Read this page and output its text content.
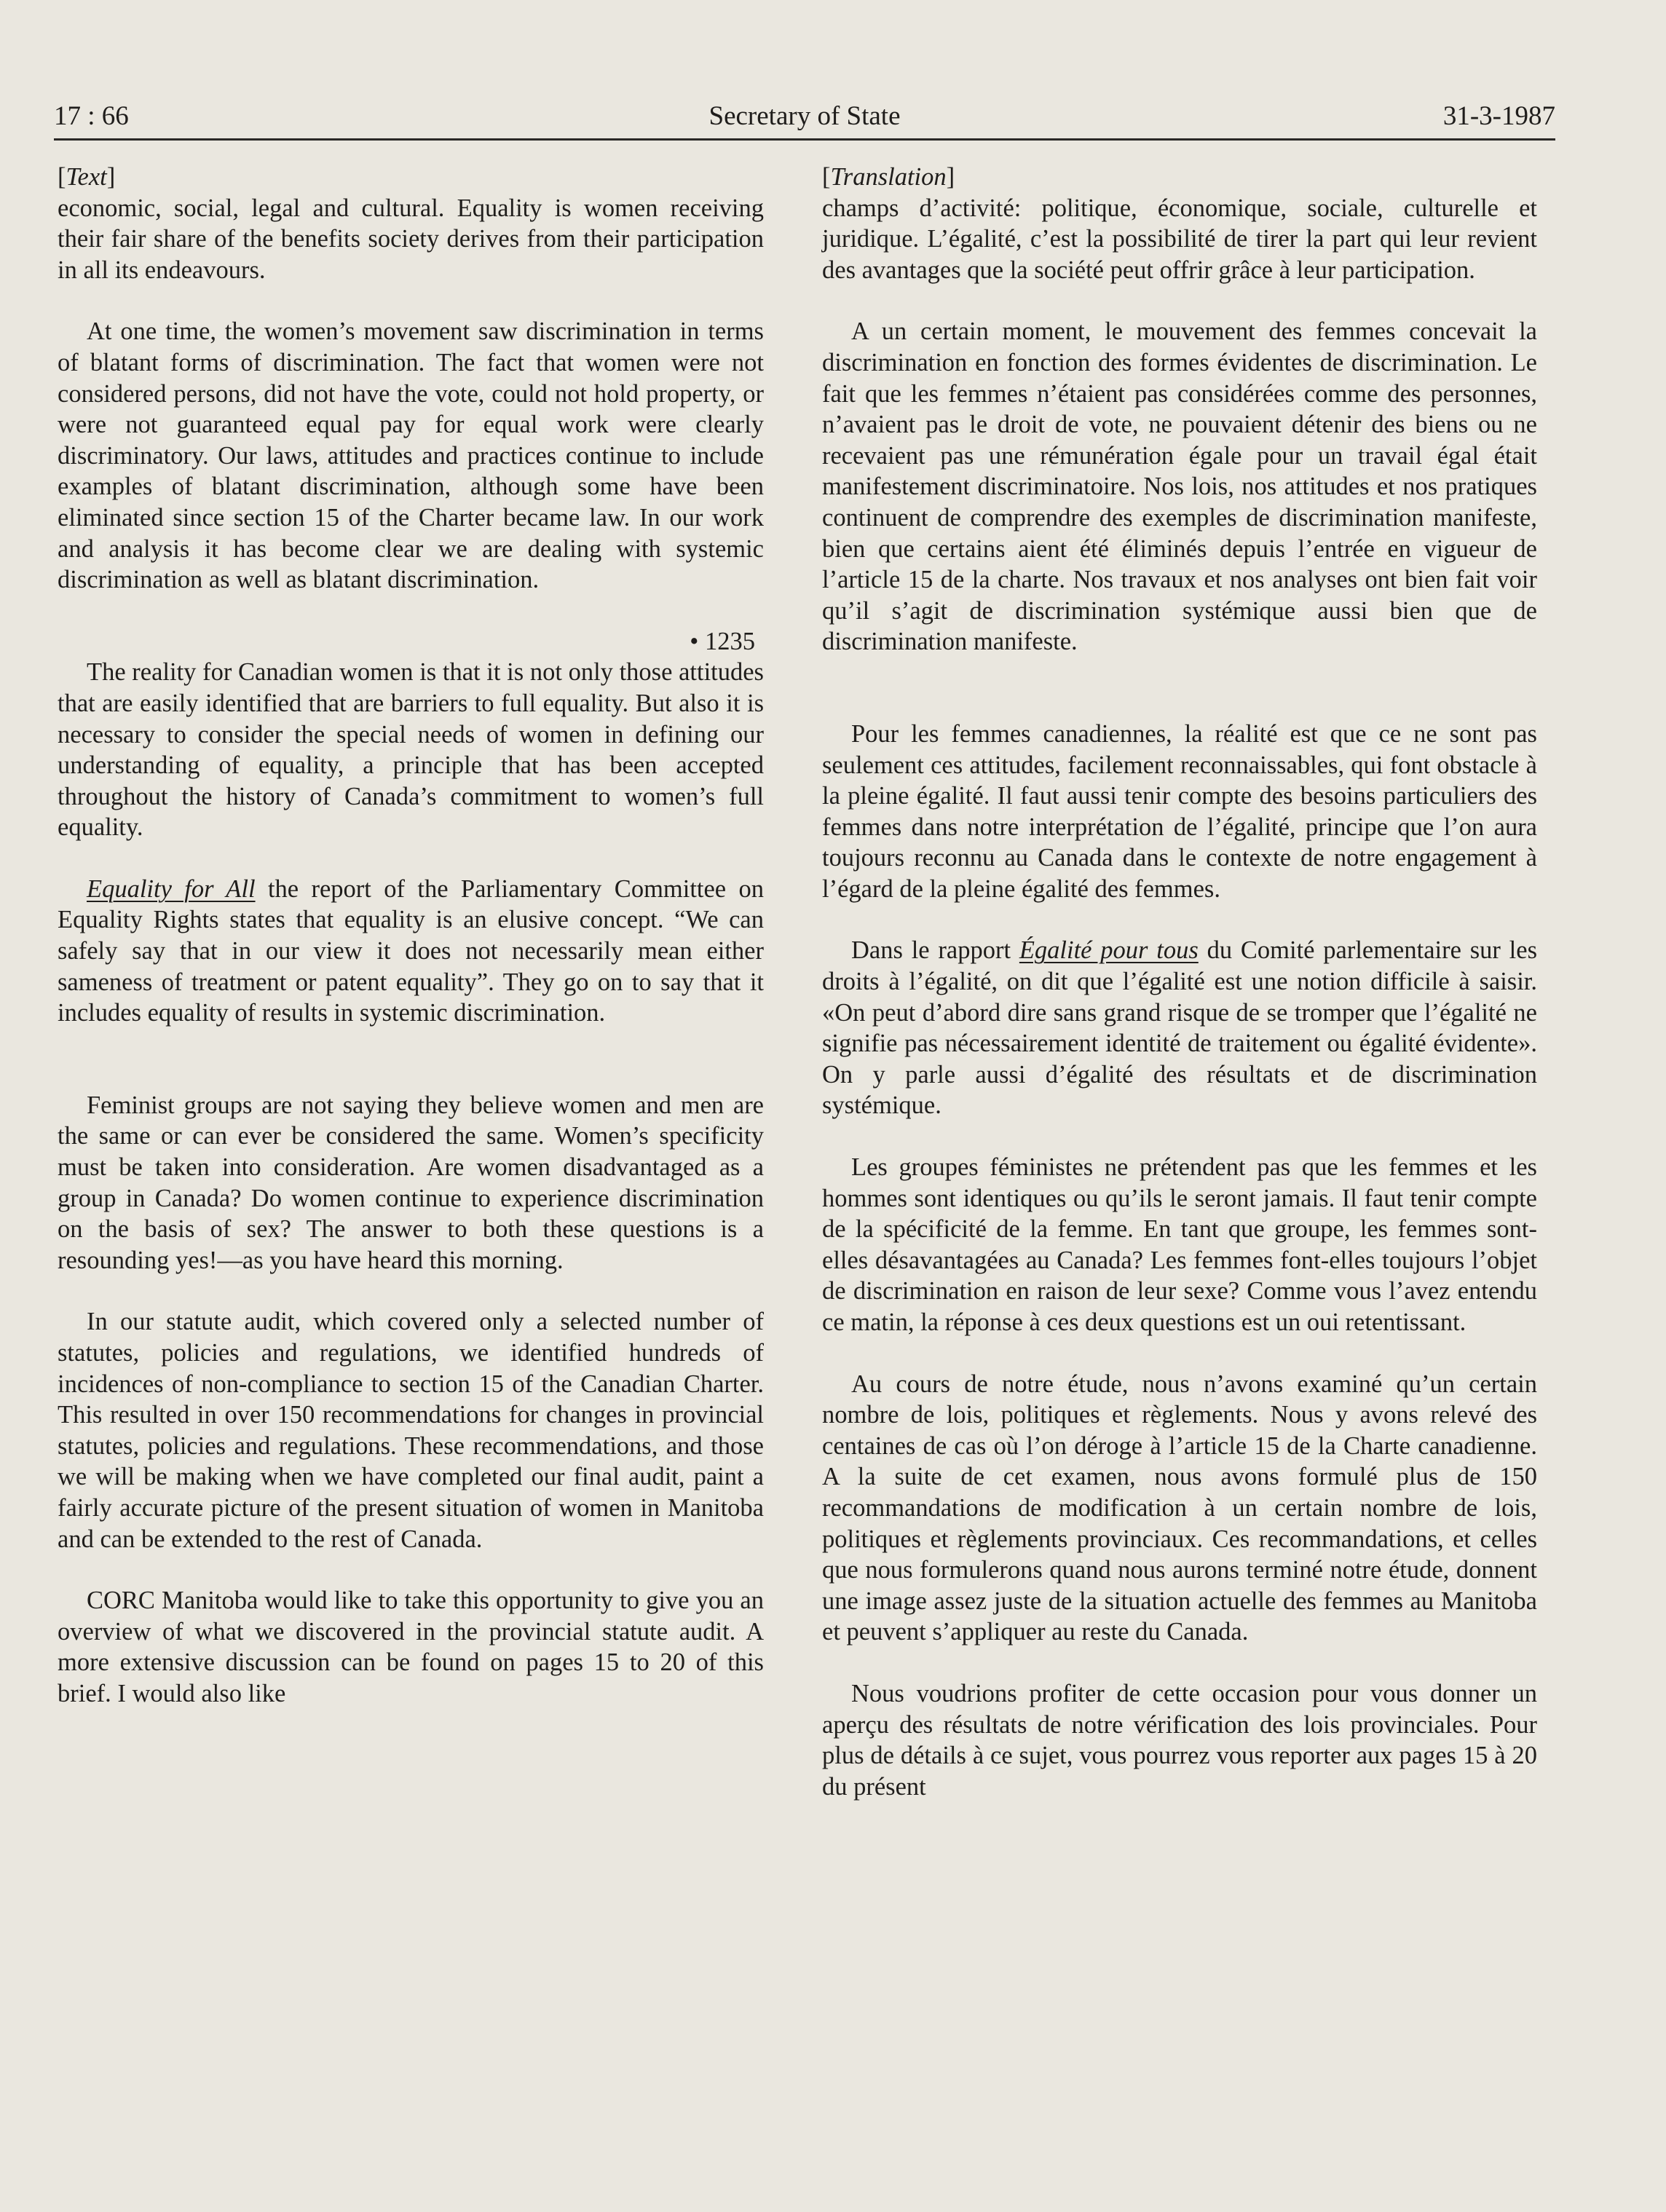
17 : 66	Secretary of State	31-3-1987

[Text]

economic, social, legal and cultural. Equality is women receiving their fair share of the benefits society derives from their participation in all its endeavours.

At one time, the women’s movement saw discrimination in terms of blatant forms of discrimination. The fact that women were not considered persons, did not have the vote, could not hold property, or were not guaranteed equal pay for equal work were clearly discriminatory. Our laws, attitudes and practices continue to include examples of blatant discrimination, although some have been eliminated since section 15 of the Charter became law. In our work and analysis it has become clear we are dealing with systemic discrimination as well as blatant discrimination.

• 1235

The reality for Canadian women is that it is not only those attitudes that are easily identified that are barriers to full equality. But also it is necessary to consider the special needs of women in defining our understanding of equality, a principle that has been accepted throughout the history of Canada’s commitment to women’s full equality.

Equality for All the report of the Parliamentary Committee on Equality Rights states that equality is an elusive concept. “We can safely say that in our view it does not necessarily mean either sameness of treatment or patent equality”. They go on to say that it includes equality of results in systemic discrimination.

Feminist groups are not saying they believe women and men are the same or can ever be considered the same. Women’s specificity must be taken into consideration. Are women disadvantaged as a group in Canada? Do women continue to experience discrimination on the basis of sex? The answer to both these questions is a resounding yes!—as you have heard this morning.

In our statute audit, which covered only a selected number of statutes, policies and regulations, we identified hundreds of incidences of non-compliance to section 15 of the Canadian Charter. This resulted in over 150 recommendations for changes in provincial statutes, policies and regulations. These recommendations, and those we will be making when we have completed our final audit, paint a fairly accurate picture of the present situation of women in Manitoba and can be extended to the rest of Canada.

CORC Manitoba would like to take this opportunity to give you an overview of what we discovered in the provincial statute audit. A more extensive discussion can be found on pages 15 to 20 of this brief. I would also like

[Translation]

champs d’activité: politique, économique, sociale, culturelle et juridique. L’égalité, c’est la possibilité de tirer la part qui leur revient des avantages que la société peut offrir grâce à leur participation.

A un certain moment, le mouvement des femmes concevait la discrimination en fonction des formes évidentes de discrimination. Le fait que les femmes n’étaient pas considérées comme des personnes, n’avaient pas le droit de vote, ne pouvaient détenir des biens ou ne recevaient pas une rémunération égale pour un travail égal était manifestement discriminatoire. Nos lois, nos attitudes et nos pratiques continuent de comprendre des exemples de discrimination manifeste, bien que certains aient été éliminés depuis l’entrée en vigueur de l’article 15 de la charte. Nos travaux et nos analyses ont bien fait voir qu’il s’agit de discrimination systémique aussi bien que de discrimination manifeste.

Pour les femmes canadiennes, la réalité est que ce ne sont pas seulement ces attitudes, facilement reconnaissables, qui font obstacle à la pleine égalité. Il faut aussi tenir compte des besoins particuliers des femmes dans notre interprétation de l’égalité, principe que l’on aura toujours reconnu au Canada dans le contexte de notre engagement à l’égard de la pleine égalité des femmes.

Dans le rapport Égalité pour tous du Comité parlementaire sur les droits à l’égalité, on dit que l’égalité est une notion difficile à saisir. «On peut d’abord dire sans grand risque de se tromper que l’égalité ne signifie pas nécessairement identité de traitement ou égalité évidente». On y parle aussi d’égalité des résultats et de discrimination systémique.

Les groupes féministes ne prétendent pas que les femmes et les hommes sont identiques ou qu’ils le seront jamais. Il faut tenir compte de la spécificité de la femme. En tant que groupe, les femmes sont-elles désavantagées au Canada? Les femmes font-elles toujours l’objet de discrimination en raison de leur sexe? Comme vous l’avez entendu ce matin, la réponse à ces deux questions est un oui retentissant.

Au cours de notre étude, nous n’avons examiné qu’un certain nombre de lois, politiques et règlements. Nous y avons relevé des centaines de cas où l’on déroge à l’article 15 de la Charte canadienne. A la suite de cet examen, nous avons formulé plus de 150 recommandations de modification à un certain nombre de lois, politiques et règlements provinciaux. Ces recommandations, et celles que nous formulerons quand nous aurons terminé notre étude, donnent une image assez juste de la situation actuelle des femmes au Manitoba et peuvent s’appliquer au reste du Canada.

Nous voudrions profiter de cette occasion pour vous donner un aperçu des résultats de notre vérification des lois provinciales. Pour plus de détails à ce sujet, vous pourrez vous reporter aux pages 15 à 20 du présent
